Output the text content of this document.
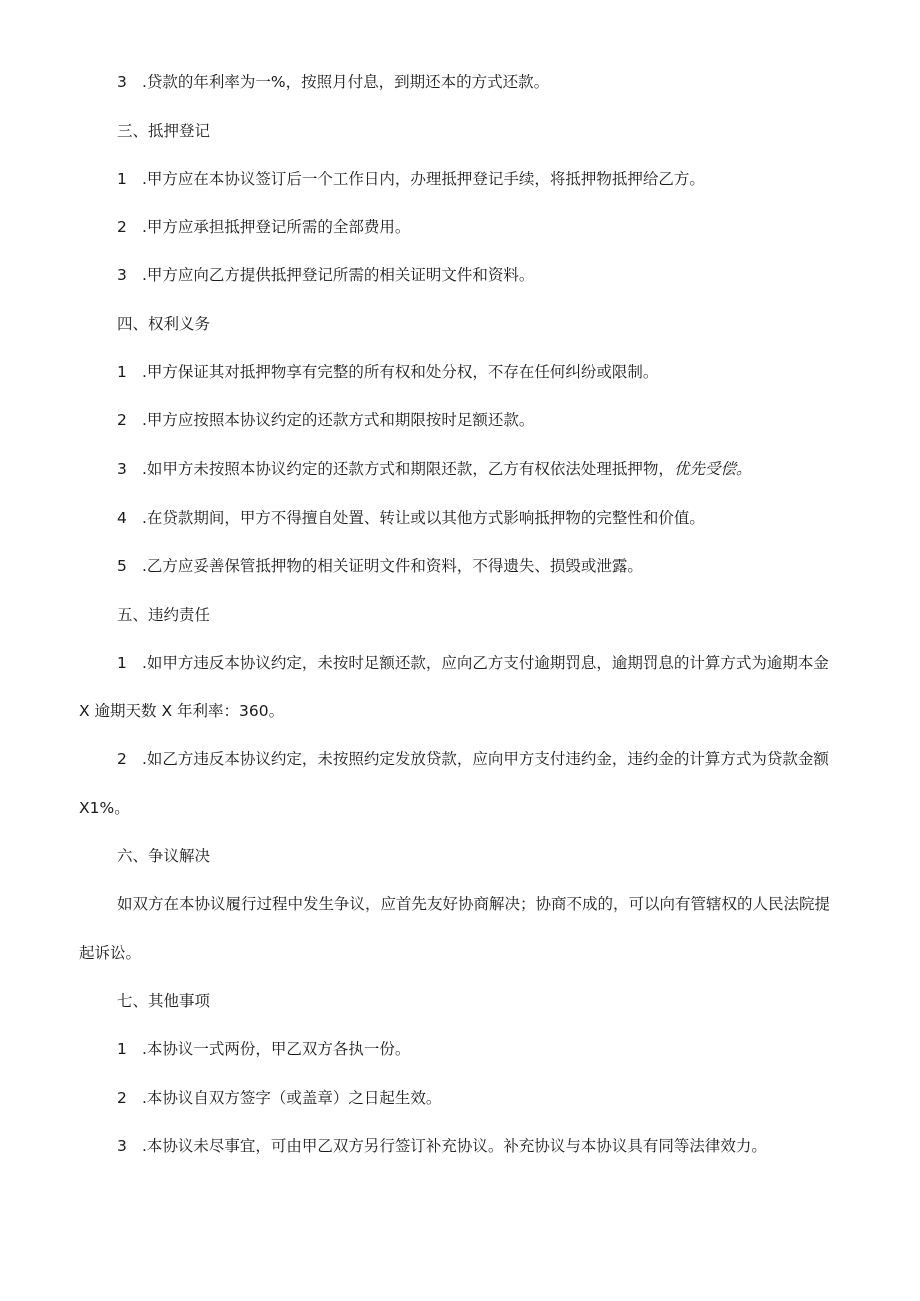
3 .贷款的年利率为一%，按照月付息，到期还本的方式还款。
三、抵押登记
1 .甲方应在本协议签订后一个工作日内，办理抵押登记手续，将抵押物抵押给乙方。
2 .甲方应承担抵押登记所需的全部费用。
3 .甲方应向乙方提供抵押登记所需的相关证明文件和资料。
四、权利义务
1 .甲方保证其对抵押物享有完整的所有权和处分权，不存在任何纠纷或限制。
2 .甲方应按照本协议约定的还款方式和期限按时足额还款。
3 .如甲方未按照本协议约定的还款方式和期限还款，乙方有权依法处理抵押物，优先受偿。
4 .在贷款期间，甲方不得擅自处置、转让或以其他方式影响抵押物的完整性和价值。
5 .乙方应妥善保管抵押物的相关证明文件和资料，不得遗失、损毁或泄露。
五、违约责任
1 .如甲方违反本协议约定，未按时足额还款，应向乙方支付逾期罚息，逾期罚息的计算方式为逾期本金
X 逾期天数 X 年利率：360。
2 .如乙方违反本协议约定，未按照约定发放贷款，应向甲方支付违约金，违约金的计算方式为贷款金额
X1%。
六、争议解决
如双方在本协议履行过程中发生争议，应首先友好协商解决；协商不成的，可以向有管辖权的人民法院提
起诉讼。
七、其他事项
1 .本协议一式两份，甲乙双方各执一份。
2 .本协议自双方签字（或盖章）之日起生效。
3 .本协议未尽事宜，可由甲乙双方另行签订补充协议。补充协议与本协议具有同等法律效力。
